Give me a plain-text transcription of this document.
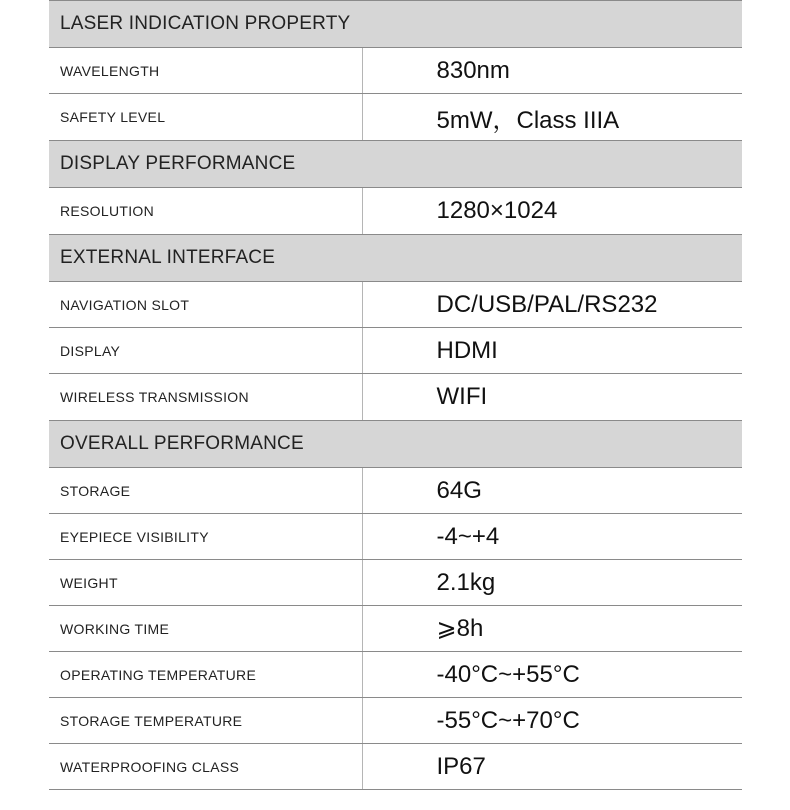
LASER INDICATION PROPERTY	
WAVELENGTH	830nm
SAFETY LEVEL	5mW，Class IIIA
DISPLAY PERFORMANCE	
RESOLUTION	1280×1024
EXTERNAL INTERFACE	
NAVIGATION SLOT	DC/USB/PAL/RS232
DISPLAY	HDMI
WIRELESS TRANSMISSION	WIFI
OVERALL PERFORMANCE	
STORAGE	64G
EYEPIECE VISIBILITY	-4~+4
WEIGHT	2.1kg
WORKING TIME	⩾8h
OPERATING TEMPERATURE	-40°C~+55°C
STORAGE TEMPERATURE	-55°C~+70°C
WATERPROOFING CLASS	IP67
